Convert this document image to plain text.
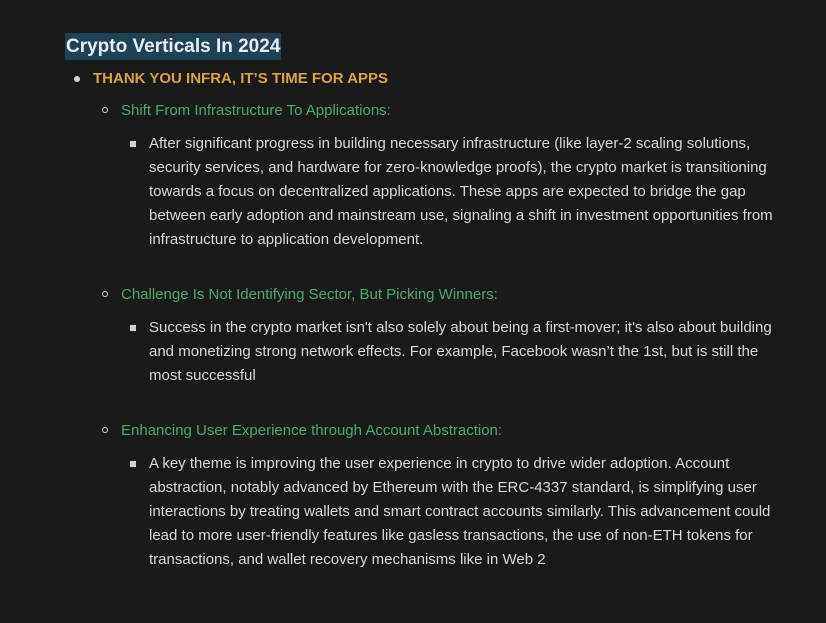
Crypto Verticals In 2024
THANK YOU INFRA, IT’S TIME FOR APPS
Shift From Infrastructure To Applications:
After significant progress in building necessary infrastructure (like layer-2 scaling solutions, security services, and hardware for zero-knowledge proofs), the crypto market is transitioning towards a focus on decentralized applications. These apps are expected to bridge the gap between early adoption and mainstream use, signaling a shift in investment opportunities from infrastructure to application development.
Challenge Is Not Identifying Sector, But Picking Winners:
Success in the crypto market isn't also solely about being a first-mover; it's also about building and monetizing strong network effects. For example, Facebook wasn’t the 1st, but is still the most successful
Enhancing User Experience through Account Abstraction:
A key theme is improving the user experience in crypto to drive wider adoption. Account abstraction, notably advanced by Ethereum with the ERC-4337 standard, is simplifying user interactions by treating wallets and smart contract accounts similarly. This advancement could lead to more user-friendly features like gasless transactions, the use of non-ETH tokens for transactions, and wallet recovery mechanisms like in Web 2
